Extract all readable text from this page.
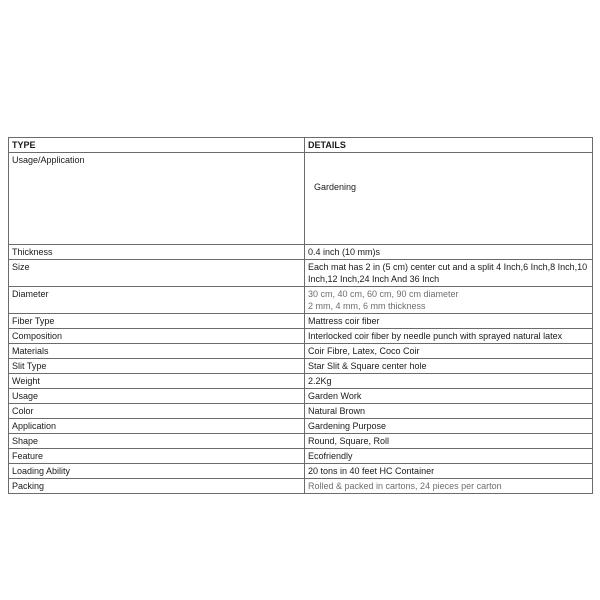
TYPE	DETAILS
Usage/Application	Gardening

Thickness	0.4 inch (10 mm)s

Size	Each mat has 2 in (5 cm) center cut and a split 4 Inch,6 Inch,8 Inch,10 Inch,12 Inch,24 Inch And 36 Inch

Diameter	30 cm, 40 cm, 60 cm, 90 cm diameter
2 mm, 4 mm, 6 mm thickness

Fiber Type	Mattress coir fiber

Composition	Interlocked coir fiber by needle punch with sprayed natural latex

Materials	Coir Fibre, Latex, Coco Coir

Slit Type	Star Slit & Square center hole

Weight	2.2Kg

Usage	Garden Work

Color	Natural Brown

Application	Gardening Purpose

Shape	Round, Square, Roll

Feature	Ecofriendly

Loading Ability	20 tons in 40 feet HC Container

Packing	Rolled & packed in cartons, 24 pieces per carton
